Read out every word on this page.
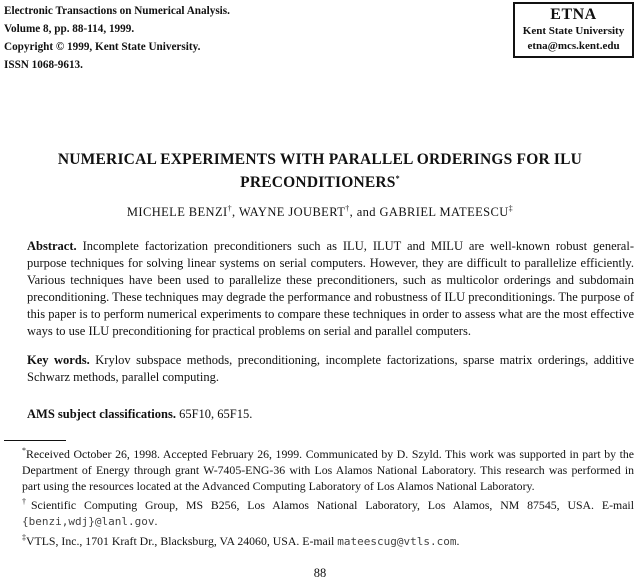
Electronic Transactions on Numerical Analysis.
Volume 8, pp. 88-114, 1999.
Copyright © 1999, Kent State University.
ISSN 1068-9613.
ETNA
Kent State University
etna@mcs.kent.edu
NUMERICAL EXPERIMENTS WITH PARALLEL ORDERINGS FOR ILU PRECONDITIONERS*
MICHELE BENZI†, WAYNE JOUBERT†, and GABRIEL MATEESCU‡
Abstract. Incomplete factorization preconditioners such as ILU, ILUT and MILU are well-known robust general-purpose techniques for solving linear systems on serial computers. However, they are difficult to parallelize efficiently. Various techniques have been used to parallelize these preconditioners, such as multicolor orderings and subdomain preconditioning. These techniques may degrade the performance and robustness of ILU preconditionings. The purpose of this paper is to perform numerical experiments to compare these techniques in order to assess what are the most effective ways to use ILU preconditioning for practical problems on serial and parallel computers.
Key words. Krylov subspace methods, preconditioning, incomplete factorizations, sparse matrix orderings, additive Schwarz methods, parallel computing.
AMS subject classifications. 65F10, 65F15.

*Received October 26, 1998. Accepted February 26, 1999. Communicated by D. Szyld. This work was supported in part by the Department of Energy through grant W-7405-ENG-36 with Los Alamos National Laboratory. This research was performed in part using the resources located at the Advanced Computing Laboratory of Los Alamos National Laboratory.

†Scientific Computing Group, MS B256, Los Alamos National Laboratory, Los Alamos, NM 87545, USA. E-mail {benzi,wdj}@lanl.gov.

‡VTLS, Inc., 1701 Kraft Dr., Blacksburg, VA 24060, USA. E-mail mateescug@vtls.com.

88
